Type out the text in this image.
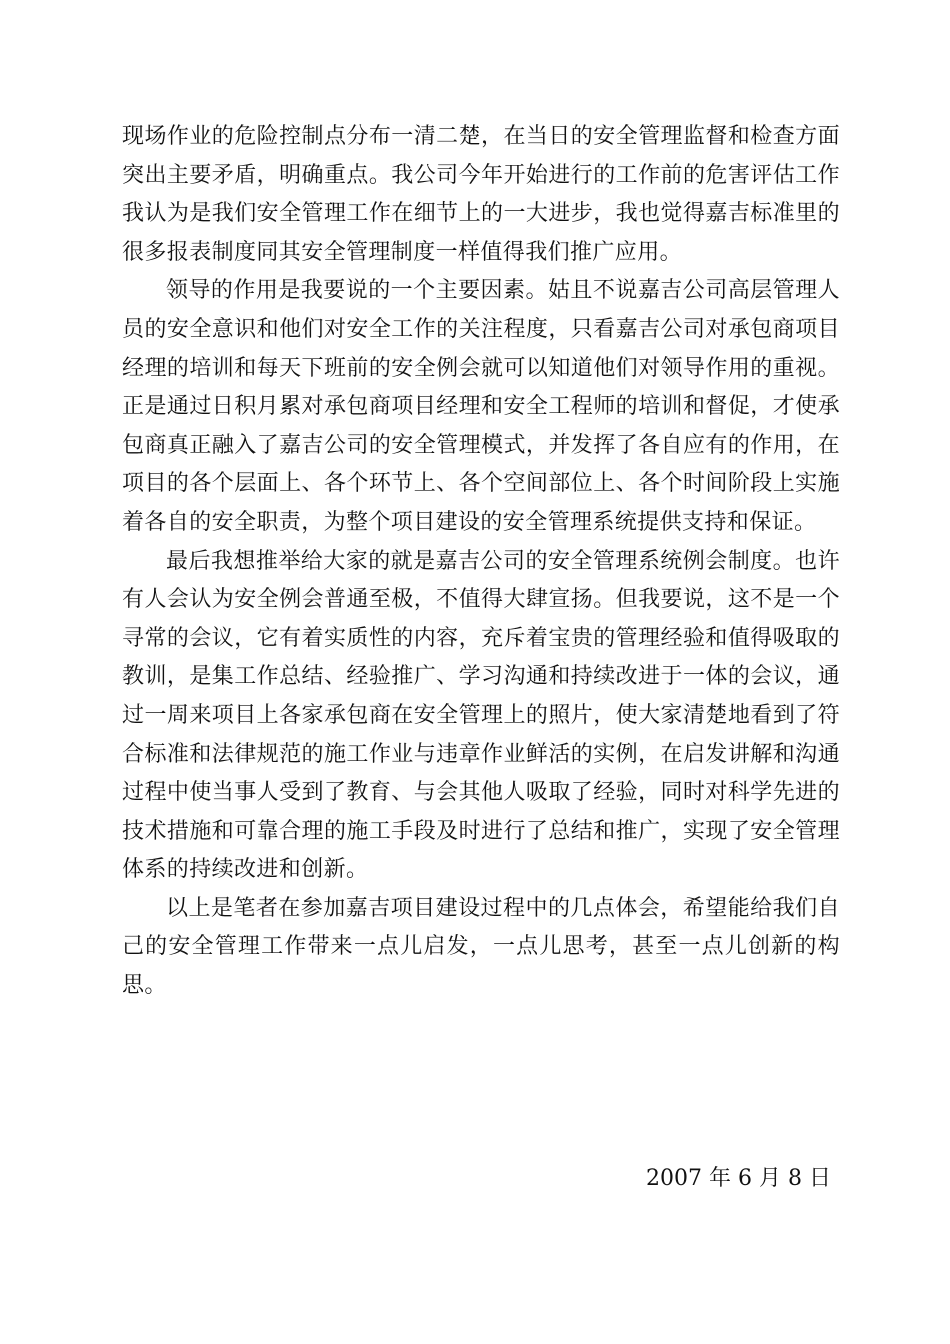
现场作业的危险控制点分布一清二楚，在当日的安全管理监督和检查方面突出主要矛盾，明确重点。我公司今年开始进行的工作前的危害评估工作我认为是我们安全管理工作在细节上的一大进步，我也觉得嘉吉标准里的很多报表制度同其安全管理制度一样值得我们推广应用。

领导的作用是我要说的一个主要因素。姑且不说嘉吉公司高层管理人员的安全意识和他们对安全工作的关注程度，只看嘉吉公司对承包商项目经理的培训和每天下班前的安全例会就可以知道他们对领导作用的重视。正是通过日积月累对承包商项目经理和安全工程师的培训和督促，才使承包商真正融入了嘉吉公司的安全管理模式，并发挥了各自应有的作用，在项目的各个层面上、各个环节上、各个空间部位上、各个时间阶段上实施着各自的安全职责，为整个项目建设的安全管理系统提供支持和保证。

最后我想推举给大家的就是嘉吉公司的安全管理系统例会制度。也许有人会认为安全例会普通至极，不值得大肆宣扬。但我要说，这不是一个寻常的会议，它有着实质性的内容，充斥着宝贵的管理经验和值得吸取的教训，是集工作总结、经验推广、学习沟通和持续改进于一体的会议，通过一周来项目上各家承包商在安全管理上的照片，使大家清楚地看到了符合标准和法律规范的施工作业与违章作业鲜活的实例，在启发讲解和沟通过程中使当事人受到了教育、与会其他人吸取了经验，同时对科学先进的技术措施和可靠合理的施工手段及时进行了总结和推广，实现了安全管理体系的持续改进和创新。

以上是笔者在参加嘉吉项目建设过程中的几点体会，希望能给我们自己的安全管理工作带来一点儿启发，一点儿思考，甚至一点儿创新的构思。

2007 年 6 月 8 日
